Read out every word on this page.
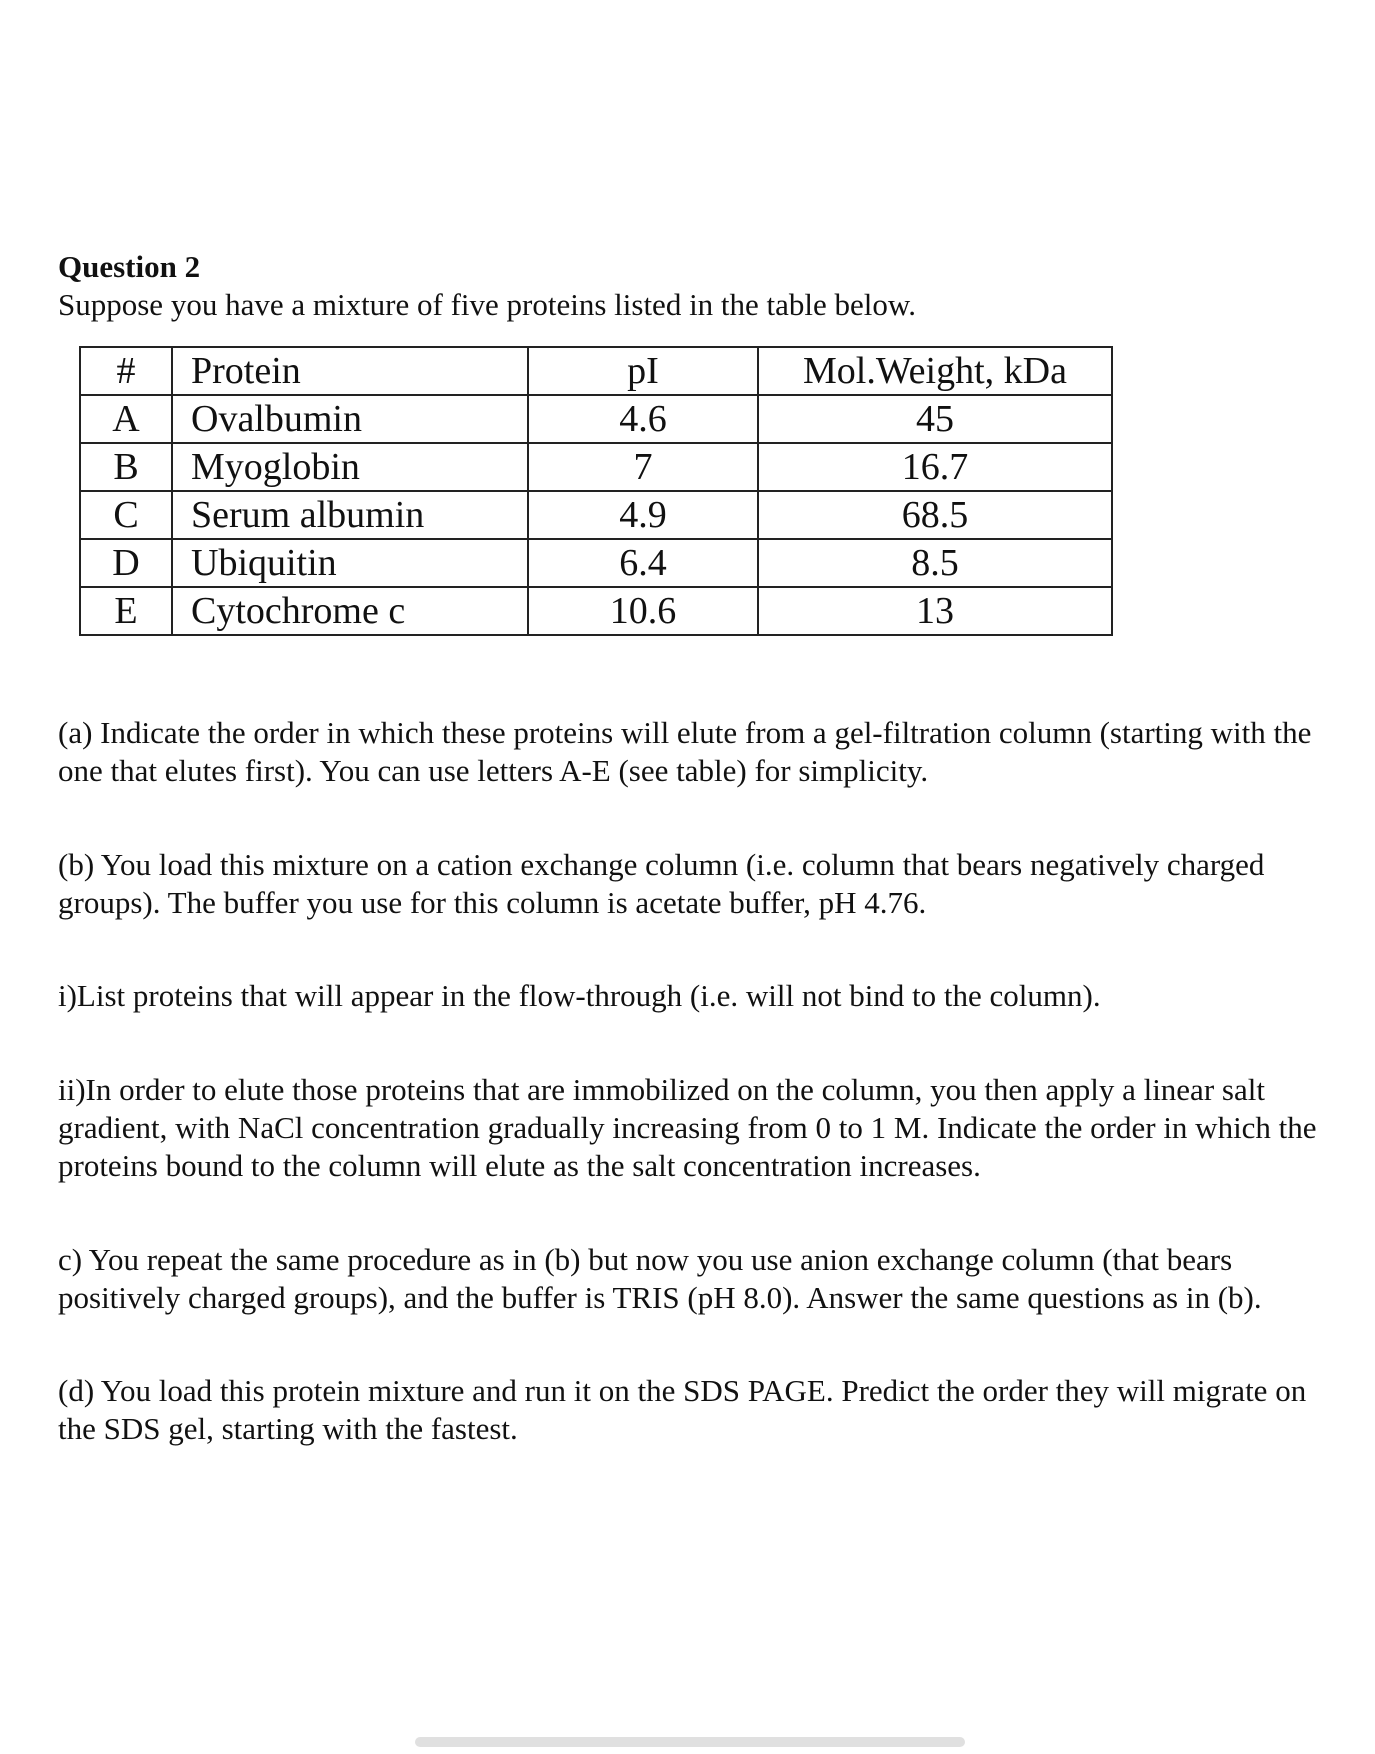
Question 2
Suppose you have a mixture of five proteins listed in the table below.
#	Protein	pI	Mol.Weight, kDa
A	Ovalbumin	4.6	45
B	Myoglobin	7	16.7
C	Serum albumin	4.9	68.5
D	Ubiquitin	6.4	8.5
E	Cytochrome c	10.6	13
(a) Indicate the order in which these proteins will elute from a gel-filtration column (starting with the one that elutes first). You can use letters A-E (see table) for simplicity.
(b) You load this mixture on a cation exchange column (i.e. column that bears negatively charged groups). The buffer you use for this column is acetate buffer, pH 4.76.
i)List proteins that will appear in the flow-through (i.e. will not bind to the column).
ii)In order to elute those proteins that are immobilized on the column, you then apply a linear salt gradient, with NaCl concentration gradually increasing from 0 to 1 M. Indicate the order in which the proteins bound to the column will elute as the salt concentration increases.
c) You repeat the same procedure as in (b) but now you use anion exchange column (that bears positively charged groups), and the buffer is TRIS (pH 8.0). Answer the same questions as in (b).
(d) You load this protein mixture and run it on the SDS PAGE. Predict the order they will migrate on the SDS gel, starting with the fastest.
